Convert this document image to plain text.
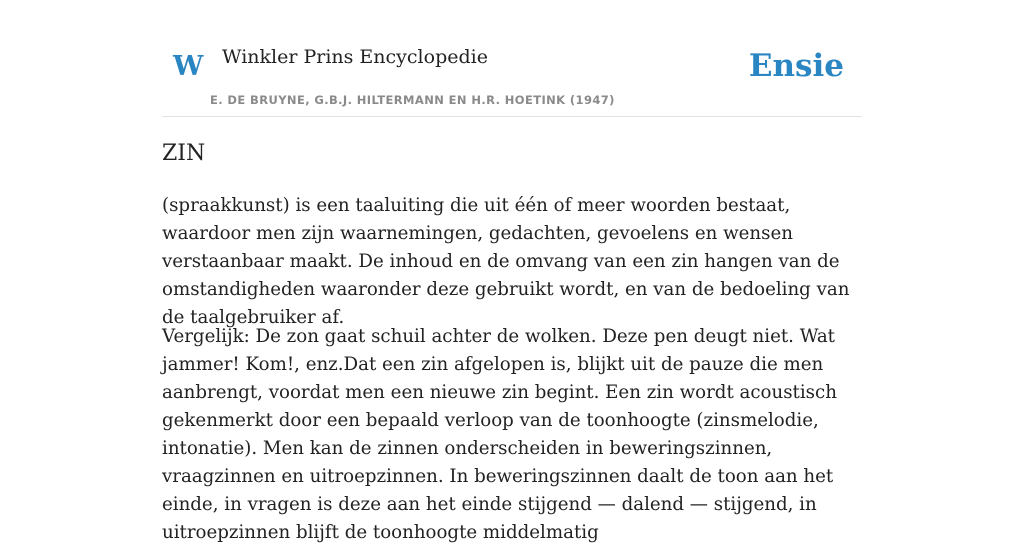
W Winkler Prins Encyclopedie
E. DE BRUYNE, G.B.J. HILTERMANN EN H.R. HOETINK (1947)
Ensie
ZIN

(spraakkunst) is een taaluiting die uit één of meer woorden bestaat, waardoor men zijn waarnemingen, gedachten, gevoelens en wensen verstaanbaar maakt. De inhoud en de omvang van een zin hangen van de omstandigheden waaronder deze gebruikt wordt, en van de bedoeling van de taalgebruiker af.

Vergelijk: De zon gaat schuil achter de wolken. Deze pen deugt niet. Wat jammer! Kom!, enz.Dat een zin afgelopen is, blijkt uit de pauze die men aanbrengt, voordat men een nieuwe zin begint. Een zin wordt acoustisch gekenmerkt door een bepaald verloop van de toonhoogte (zinsmelodie, intonatie). Men kan de zinnen onderscheiden in beweringszinnen, vraagzinnen en uitroepzinnen. In beweringszinnen daalt de toon aan het einde, in vragen is deze aan het einde stijgend — dalend — stijgend, in uitroepzinnen blijft de toonhoogte middelmatig
